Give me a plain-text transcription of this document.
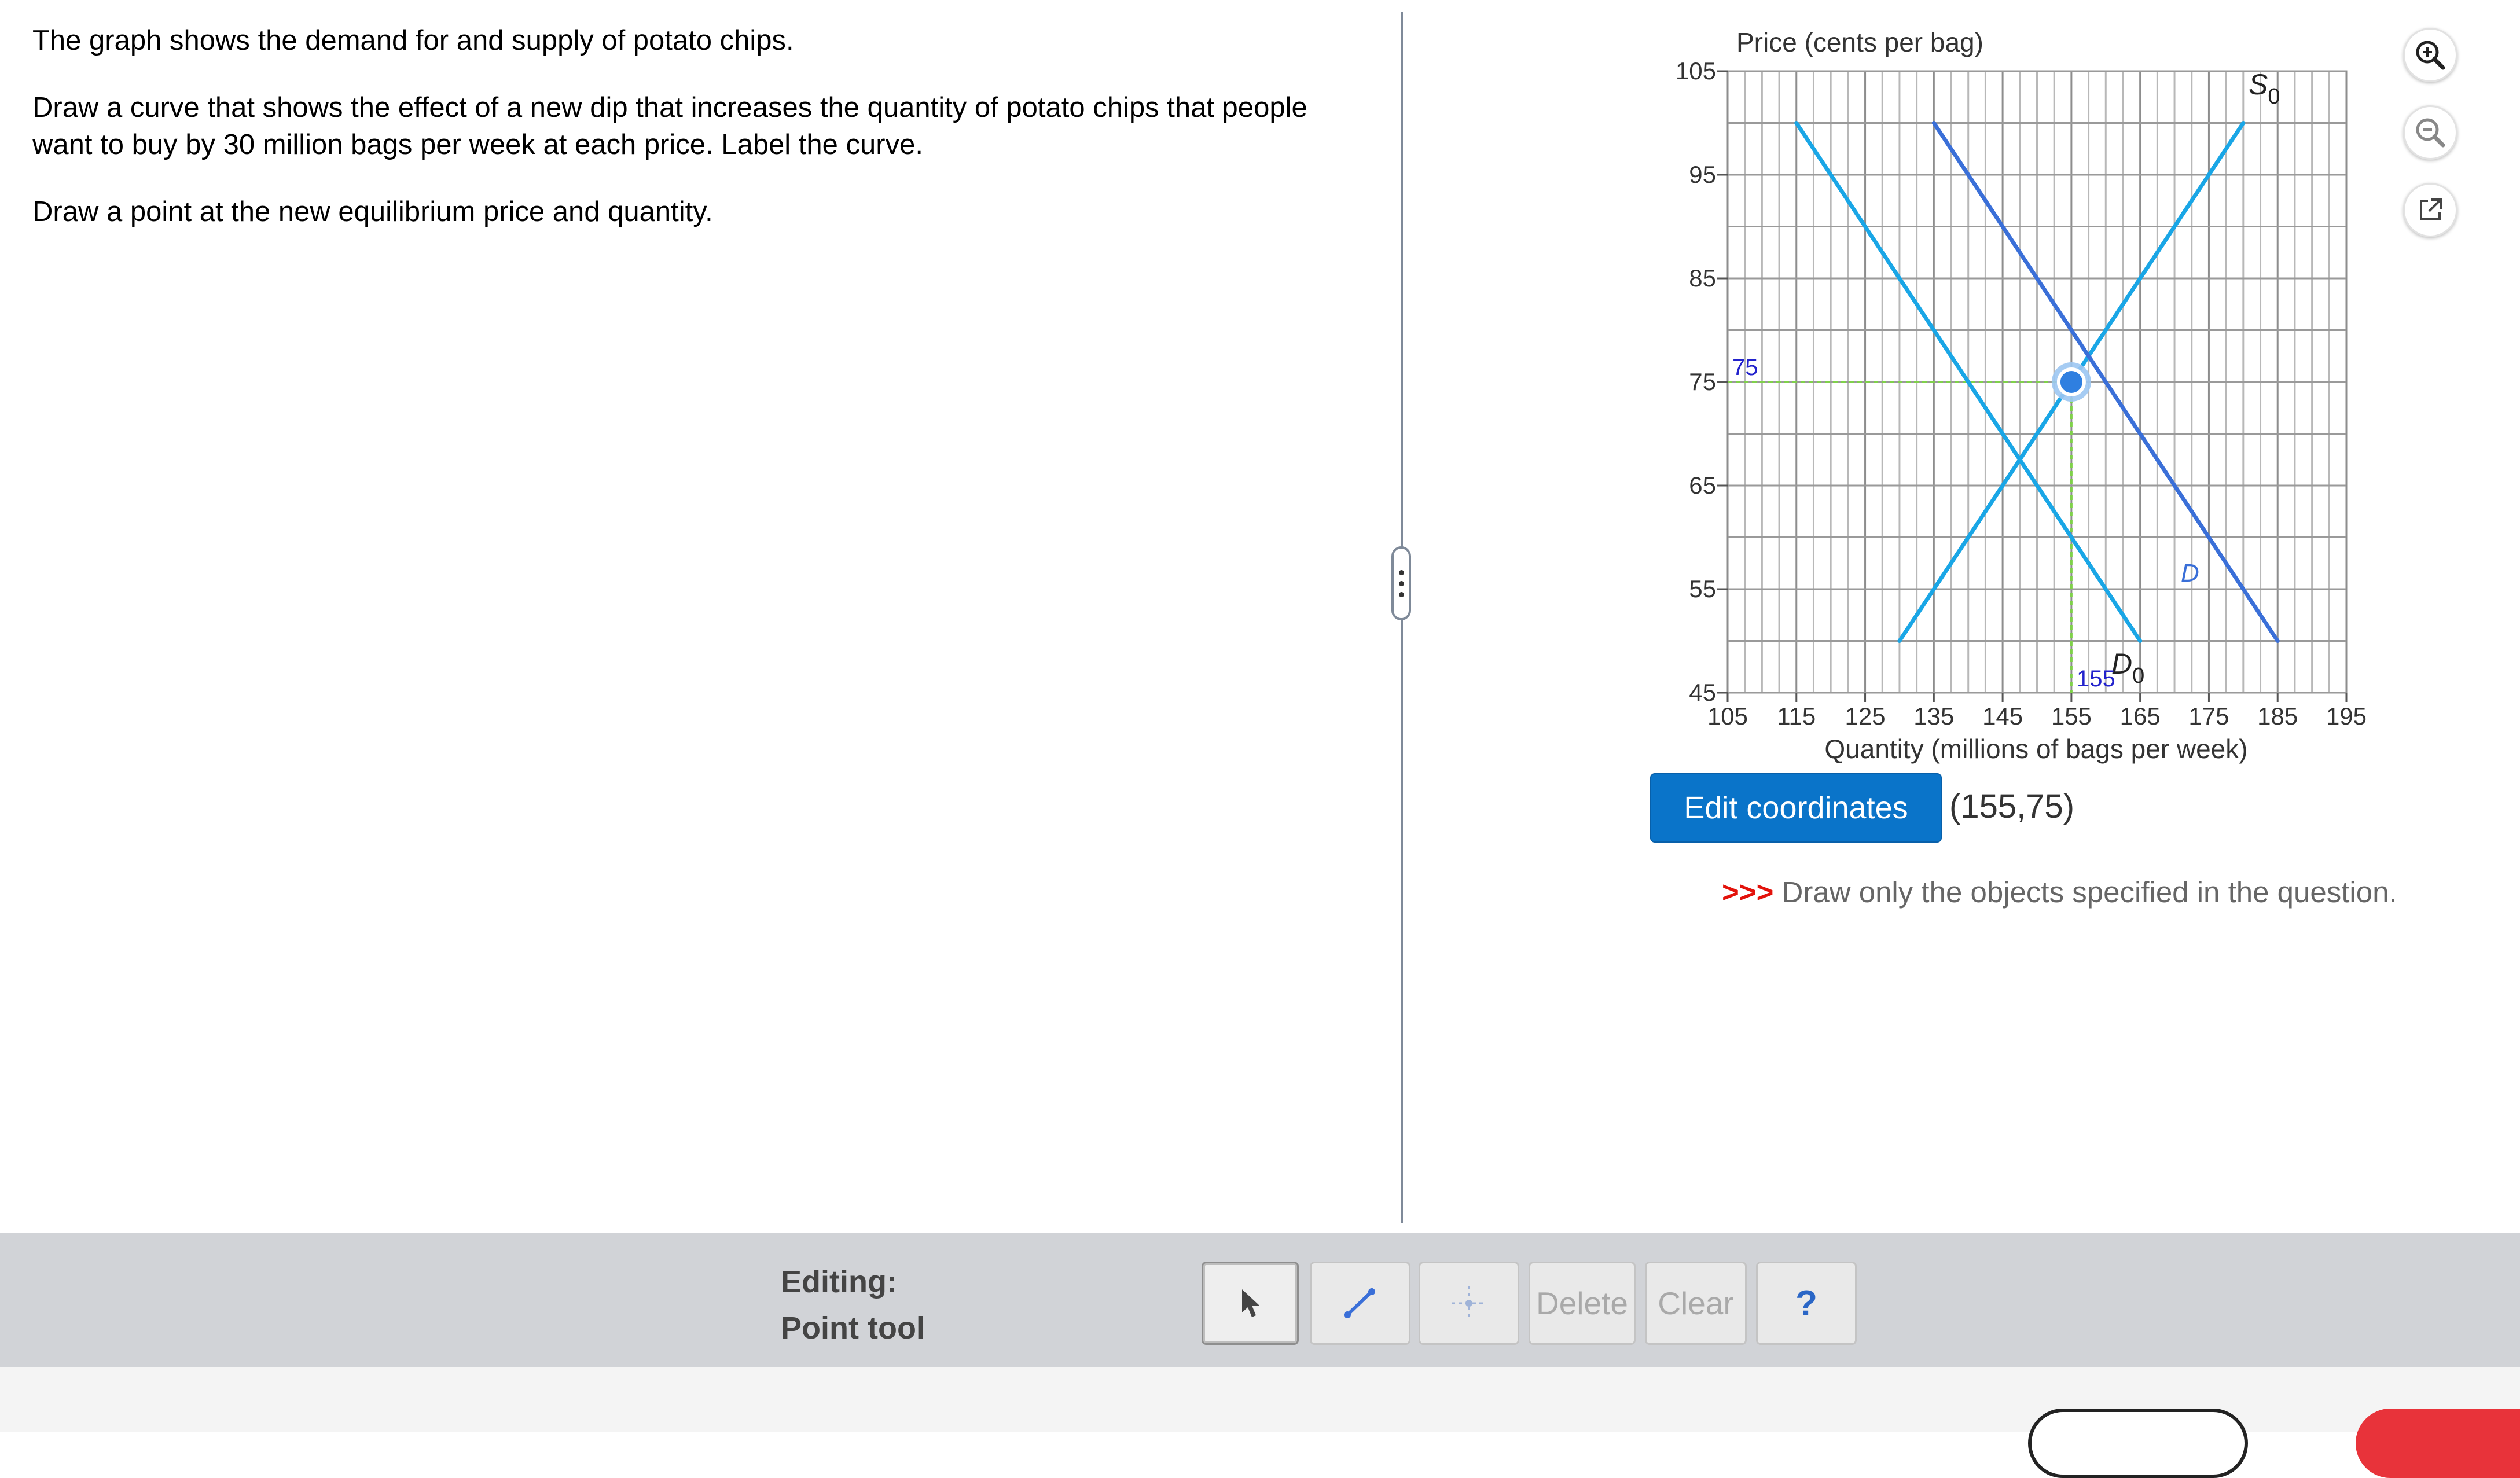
The graph shows the demand for and supply of potato chips.

Draw a curve that shows the effect of a new dip that increases the quantity of potato chips that people want to buy by 30 million bags per week at each price. Label the curve.

Draw a point at the new equilibrium price and quantity.

105
95
85
75
65
55
45
105 115 125 135 145 155 165 175 185 195
Price (cents per bag)
Quantity (millions of bags per week)
$S_0$
$D_0$
D
75
155
Edit coordinates	(155,75)
>>> Draw only the objects specified in the question.
Editing:
Point tool
Delete Clear	?
